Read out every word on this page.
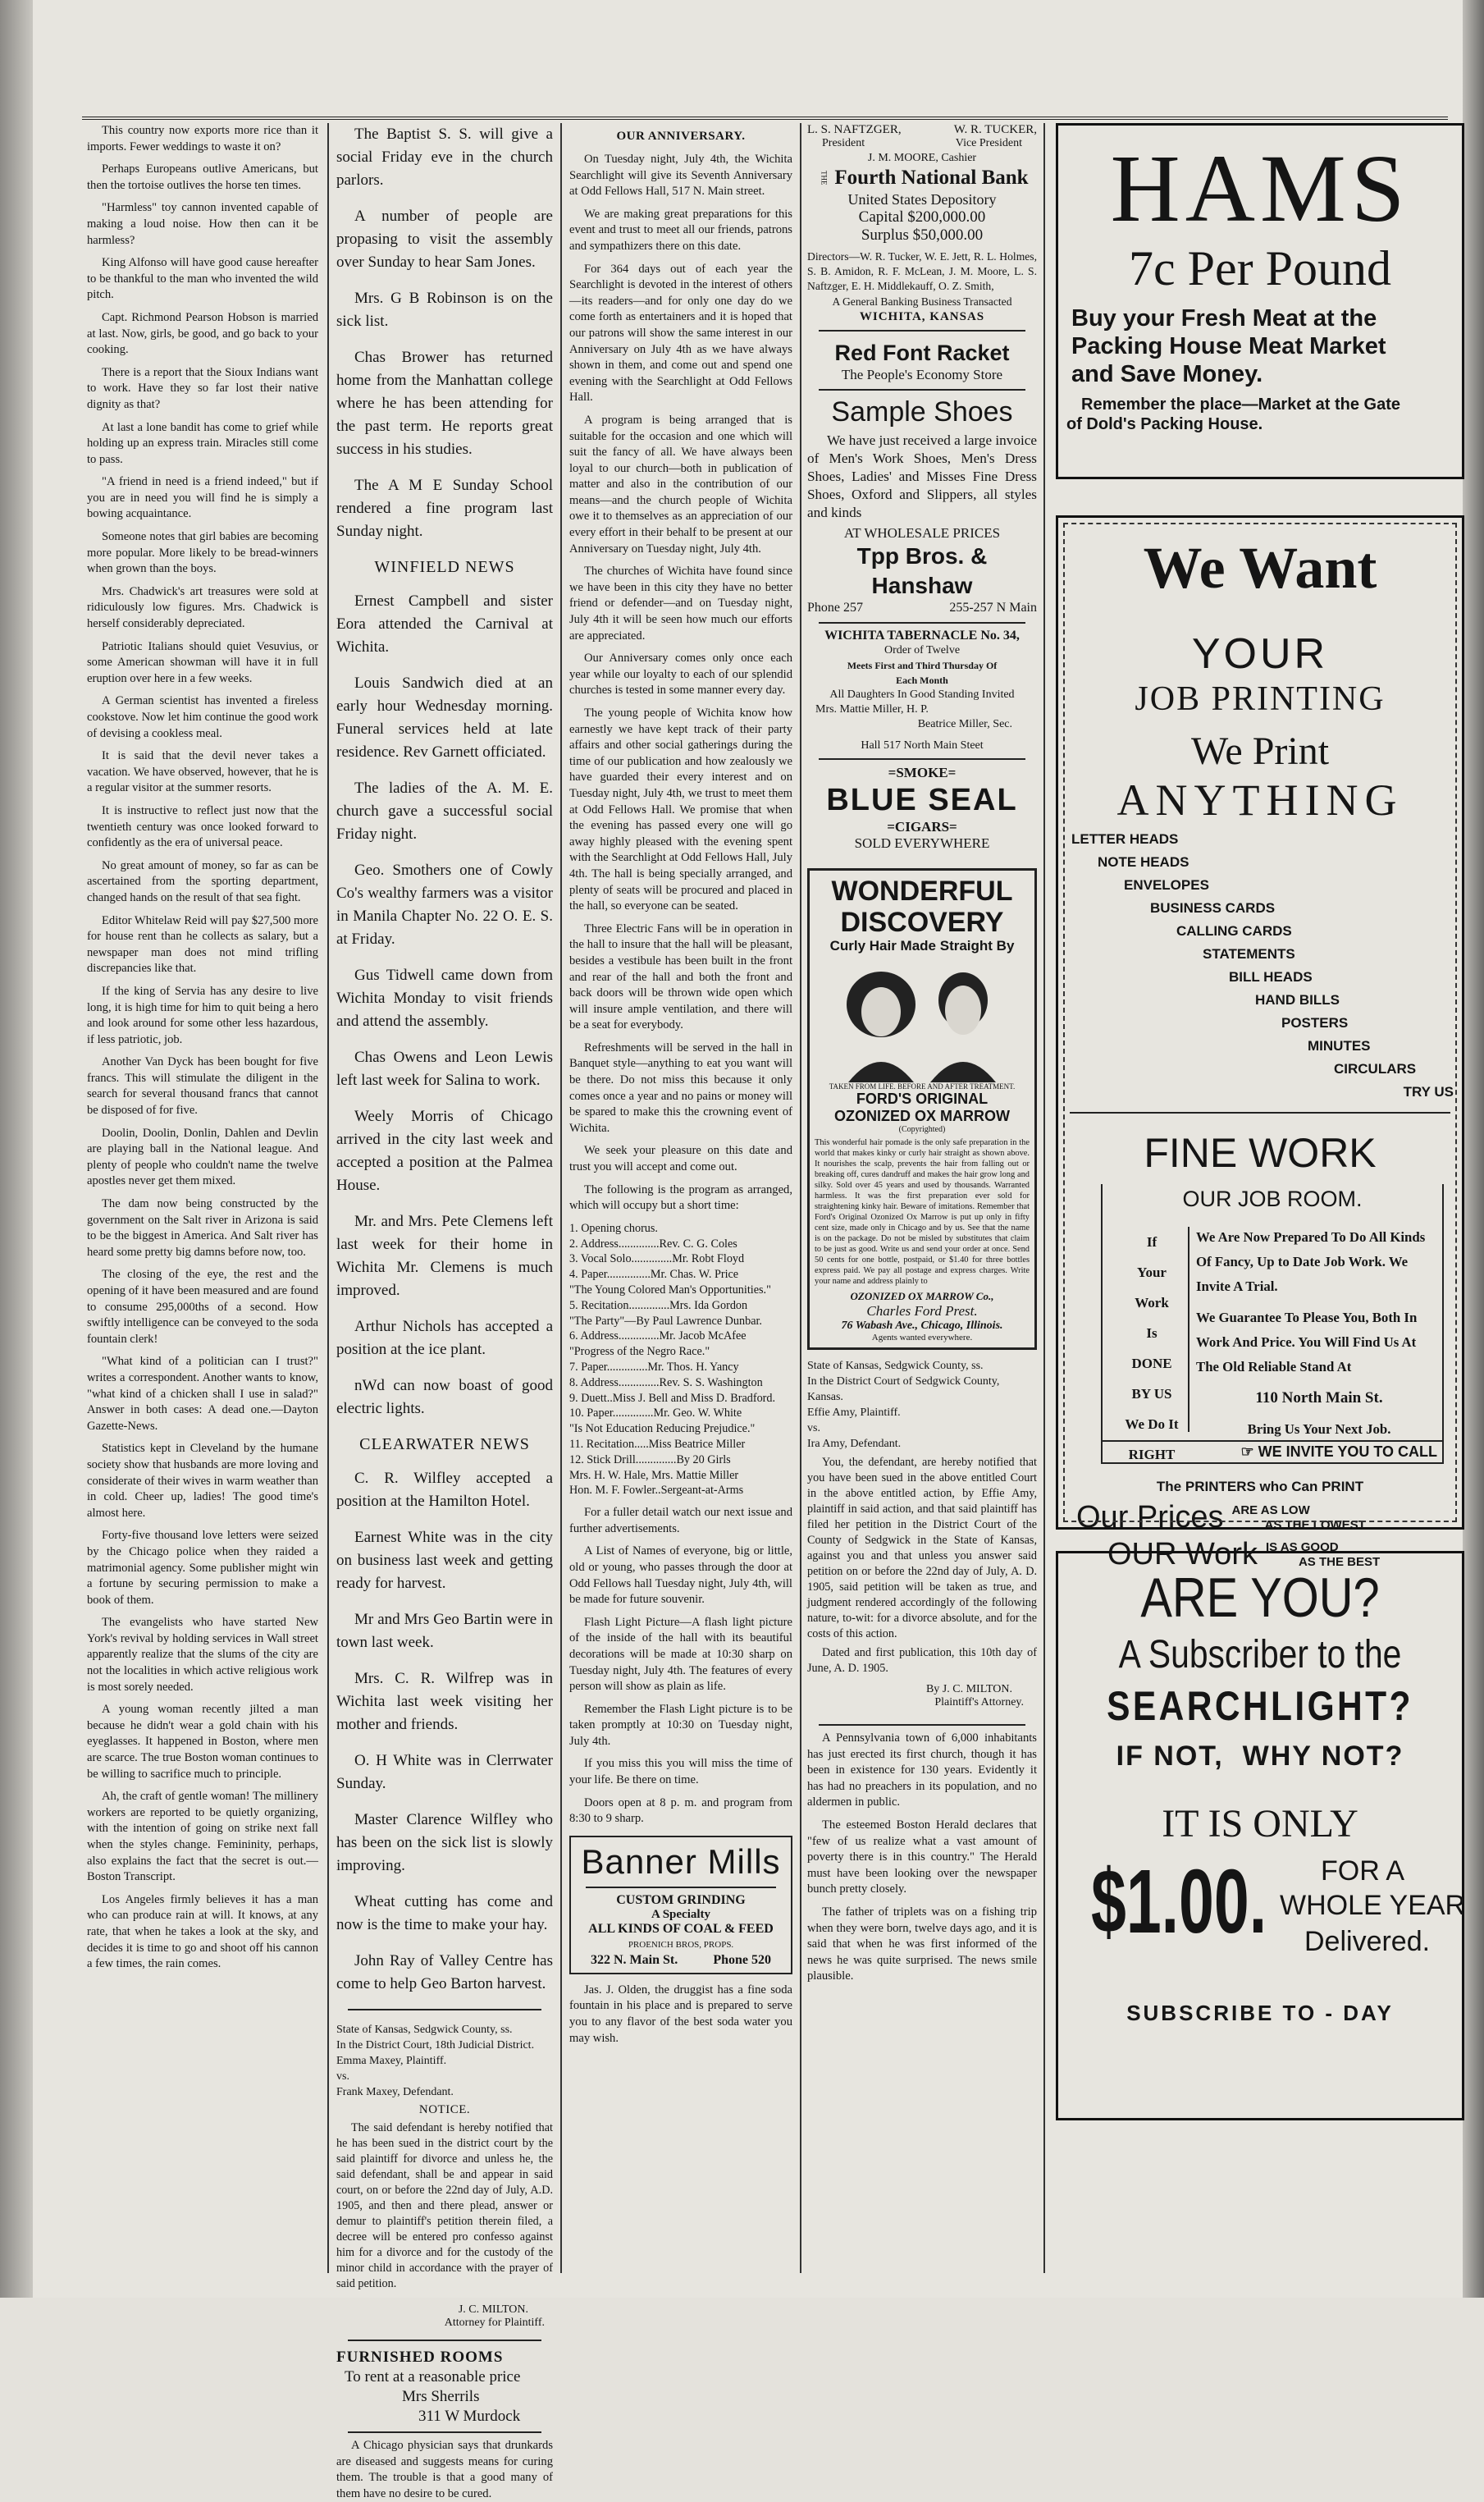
This country now exports more rice than it imports. Fewer weddings to waste it on?

Perhaps Europeans outlive Americans, but then the tortoise outlives the horse ten times.

"Harmless" toy cannon invented capable of making a loud noise. How then can it be harmless?

King Alfonso will have good cause hereafter to be thankful to the man who invented the wild pitch.

Capt. Richmond Pearson Hobson is married at last. Now, girls, be good, and go back to your cooking.

There is a report that the Sioux Indians want to work. Have they so far lost their native dignity as that?

At last a lone bandit has come to grief while holding up an express train. Miracles still come to pass.

"A friend in need is a friend indeed," but if you are in need you will find he is simply a bowing acquaintance.

Someone notes that girl babies are becoming more popular. More likely to be bread-winners when grown than the boys.

Mrs. Chadwick's art treasures were sold at ridiculously low figures. Mrs. Chadwick is herself considerably depreciated.

Patriotic Italians should quiet Vesuvius, or some American showman will have it in full eruption over here in a few weeks.

A German scientist has invented a fireless cookstove. Now let him continue the good work of devising a cookless meal.

It is said that the devil never takes a vacation. We have observed, however, that he is a regular visitor at the summer resorts.

It is instructive to reflect just now that the twentieth century was once looked forward to confidently as the era of universal peace.

No great amount of money, so far as can be ascertained from the sporting department, changed hands on the result of that sea fight.

Editor Whitelaw Reid will pay $27,500 more for house rent than he collects as salary, but a newspaper man does not mind trifling discrepancies like that.

If the king of Servia has any desire to live long, it is high time for him to quit being a hero and look around for some other less hazardous, if less patriotic, job.

Another Van Dyck has been bought for five francs. This will stimulate the diligent in the search for several thousand francs that cannot be disposed of for five.

Doolin, Doolin, Donlin, Dahlen and Devlin are playing ball in the National league. And plenty of people who couldn't name the twelve apostles never get them mixed.

The dam now being constructed by the government on the Salt river in Arizona is said to be the biggest in America. And Salt river has heard some pretty big damns before now, too.

The closing of the eye, the rest and the opening of it have been measured and are found to consume 295,000ths of a second. How swiftly intelligence can be conveyed to the soda fountain clerk!

"What kind of a politician can I trust?" writes a correspondent. Another wants to know, "what kind of a chicken shall I use in salad?" Answer in both cases: A dead one.—Dayton Gazette-News.

Statistics kept in Cleveland by the humane society show that husbands are more loving and considerate of their wives in warm weather than in cold. Cheer up, ladies! The good time's almost here.

Forty-five thousand love letters were seized by the Chicago police when they raided a matrimonial agency. Some publisher might win a fortune by securing permission to make a book of them.

The evangelists who have started New York's revival by holding services in Wall street apparently realize that the slums of the city are not the localities in which active religious work is most sorely needed.

A young woman recently jilted a man because he didn't wear a gold chain with his eyeglasses. It happened in Boston, where men are scarce. The true Boston woman continues to be willing to sacrifice much to principle.

Ah, the craft of gentle woman! The millinery workers are reported to be quietly organizing, with the intention of going on strike next fall when the styles change. Femininity, perhaps, also explains the fact that the secret is out.—Boston Transcript.

Los Angeles firmly believes it has a man who can produce rain at will. It knows, at any rate, that when he takes a look at the sky, and decides it is time to go and shoot off his cannon a few times, the rain comes.

The Baptist S. S. will give a social Friday eve in the church parlors.

A number of people are propasing to visit the assembly over Sunday to hear Sam Jones.

Mrs. G B Robinson is on the sick list.

Chas Brower has returned home from the Manhattan college where he has been attending for the past term. He reports great success in his studies.

The A M E Sunday School rendered a fine program last Sunday night.

WINFIELD NEWS

Ernest Campbell and sister Eora attended the Carnival at Wichita.

Louis Sandwich died at an early hour Wednesday morning. Funeral services held at late residence. Rev Garnett officiated.

The ladies of the A. M. E. church gave a successful social Friday night.

Geo. Smothers one of Cowly Co's wealthy farmers was a visitor in Manila Chapter No. 22 O. E. S. at Friday.

Gus Tidwell came down from Wichita Monday to visit friends and attend the assembly.

Chas Owens and Leon Lewis left last week for Salina to work.

Weely Morris of Chicago arrived in the city last week and accepted a position at the Palmea House.

Mr. and Mrs. Pete Clemens left last week for their home in Wichita Mr. Clemens is much improved.

Arthur Nichols has accepted a position at the ice plant.

nWd can now boast of good electric lights.

CLEARWATER NEWS

C. R. Wilfley accepted a position at the Hamilton Hotel.

Earnest White was in the city on business last week and getting ready for harvest.

Mr and Mrs Geo Bartin were in town last week.

Mrs. C. R. Wilfrep was in Wichita last week visiting her mother and friends.

O. H White was in Clerrwater Sunday.

Master Clarence Wilfley who has been on the sick list is slowly improving.

Wheat cutting has come and now is the time to make your hay.

John Ray of Valley Centre has come to help Geo Barton harvest.

State of Kansas, Sedgwick County, ss.
In the District Court, 18th Judicial District.
Emma Maxey, Plaintiff.
vs.
Frank Maxey, Defendant.
NOTICE.

The said defendant is hereby notified that he has been sued in the district court by the said plaintiff for divorce and unless he, the said defendant, shall be and appear in said court, on or before the 22nd day of July, A.D. 1905, and then and there plead, answer or demur to plaintiff's petition therein filed, a decree will be entered pro confesso against him for a divorce and for the custody of the minor child in accordance with the prayer of said petition.

J. C. MILTON.
Attorney for Plaintiff.
FURNISHED ROOMS
To rent at a reasonable price
Mrs Sherrils
311 W Murdock

A Chicago physician says that drunkards are diseased and suggests means for curing them. The trouble is that a good many of them have no desire to be cured.

OUR ANNIVERSARY.

On Tuesday night, July 4th, the Wichita Searchlight will give its Seventh Anniversary at Odd Fellows Hall, 517 N. Main street.

We are making great preparations for this event and trust to meet all our friends, patrons and sympathizers there on this date.

For 364 days out of each year the Searchlight is devoted in the interest of others—its readers—and for only one day do we come forth as entertainers and it is hoped that our patrons will show the same interest in our Anniversary on July 4th as we have always shown in them, and come out and spend one evening with the Searchlight at Odd Fellows Hall.

A program is being arranged that is suitable for the occasion and one which will suit the fancy of all. We have always been loyal to our church—both in publication of matter and also in the contribution of our means—and the church people of Wichita owe it to themselves as an appreciation of our every effort in their behalf to be present at our Anniversary on Tuesday night, July 4th.

The churches of Wichita have found since we have been in this city they have no better friend or defender—and on Tuesday night, July 4th it will be seen how much our efforts are appreciated.

Our Anniversary comes only once each year while our loyalty to each of our splendid churches is tested in some manner every day.

The young people of Wichita know how earnestly we have kept track of their party affairs and other social gatherings during the time of our publication and how zealously we have guarded their every interest and on Tuesday night, July 4th, we trust to meet them at Odd Fellows Hall. We promise that when the evening has passed every one will go away highly pleased with the evening spent with the Searchlight at Odd Fellows Hall, July 4th. The hall is being specially arranged, and plenty of seats will be procured and placed in the hall, so everyone can be seated.

Three Electric Fans will be in operation in the hall to insure that the hall will be pleasant, besides a vestibule has been built in the front and rear of the hall and both the front and back doors will be thrown wide open which will insure ample ventilation, and there will be a seat for everybody.

Refreshments will be served in the hall in Banquet style—anything to eat you want will be there. Do not miss this because it only comes once a year and no pains or money will be spared to make this the crowning event of Wichita.

We seek your pleasure on this date and trust you will accept and come out.

The following is the program as arranged, which will occupy but a short time:

1. Opening chorus.
2. Address..............Rev. C. G. Coles
3. Vocal Solo..............Mr. Robt Floyd
4. Paper...............Mr. Chas. W. Price
"The Young Colored Man's Opportunities."
5. Recitation..............Mrs. Ida Gordon
"The Party"—By Paul Lawrence Dunbar.
6. Address..............Mr. Jacob McAfee
"Progress of the Negro Race."
7. Paper..............Mr. Thos. H. Yancy
8. Address..............Rev. S. S. Washington
9. Duett..Miss J. Bell and Miss D. Bradford.
10. Paper..............Mr. Geo. W. White
"Is Not Education Reducing Prejudice."
11. Recitation.....Miss Beatrice Miller
12. Stick Drill..............By 20 Girls
Mrs. H. W. Hale, Mrs. Mattie Miller
Hon. M. F. Fowler..Sergeant-at-Arms

For a fuller detail watch our next issue and further advertisements.

A List of Names of everyone, big or little, old or young, who passes through the door at Odd Fellows hall Tuesday night, July 4th, will be made for future souvenir.

Flash Light Picture—A flash light picture of the inside of the hall with its beautiful decorations will be made at 10:30 sharp on Tuesday night, July 4th. The features of every person will show as plain as life.

Remember the Flash Light picture is to be taken promptly at 10:30 on Tuesday night, July 4th.

If you miss this you will miss the time of your life. Be there on time.

Doors open at 8 p. m. and program from 8:30 to 9 sharp.

Banner Mills
CUSTOM GRINDING
A Specialty
ALL KINDS OF COAL & FEED
PROENICH BROS, PROPS.
322 N. Main St.	Phone 520

Jas. J. Olden, the druggist has a fine soda fountain in his place and is prepared to serve you to any flavor of the best soda water you may wish.

L. S. NAFTZGER,	W. R. TUCKER,
President	Vice President
J. M. MOORE, Cashier
THE Fourth National Bank
United States Depository
Capital $200,000.00
Surplus $50,000.00

Directors—W. R. Tucker, W. E. Jett, R. L. Holmes, S. B. Amidon, R. F. McLean, J. M. Moore, L. S. Naftzger, E. H. Middlekauff, O. Z. Smith,

A General Banking Business Transacted
WICHITA, KANSAS
Red Font Racket
The People's Economy Store
Sample Shoes

We have just received a large invoice of Men's Work Shoes, Men's Dress Shoes, Ladies' and Misses Fine Dress Shoes, Oxford and Slippers, all styles and kinds

AT WHOLESALE PRICES
Tpp Bros. & Hanshaw
Phone 257	255-257 N Main
WICHITA TABERNACLE No. 34,
Order of Twelve
Meets First and Third Thursday Of Each Month
All Daughters In Good Standing Invited
Mrs. Mattie Miller, H. P.
Beatrice Miller, Sec.
Hall 517 North Main Steet
=SMOKE=
BLUE SEAL
=CIGARS=
SOLD EVERYWHERE
WONDERFUL
DISCOVERY
Curly Hair Made Straight By
TAKEN FROM LIFE. BEFORE AND AFTER TREATMENT.
FORD'S ORIGINAL
OZONIZED OX MARROW
(Copyrighted)

This wonderful hair pomade is the only safe preparation in the world that makes kinky or curly hair straight as shown above. It nourishes the scalp, prevents the hair from falling out or breaking off, cures dandruff and makes the hair grow long and silky. Sold over 45 years and used by thousands. Warranted harmless. It was the first preparation ever sold for straightening kinky hair. Beware of imitations. Remember that Ford's Original Ozonized Ox Marrow is put up only in fifty cent size, made only in Chicago and by us. See that the name is on the package. Do not be misled by substitutes that claim to be just as good. Write us and send your order at once. Send 50 cents for one bottle, postpaid, or $1.40 for three bottles express paid. We pay all postage and express charges. Write your name and address plainly to

OZONIZED OX MARROW Co.,
Charles Ford Prest.
76 Wabash Ave., Chicago, Illinois.
Agents wanted everywhere.
State of Kansas, Sedgwick County, ss.
In the District Court of Sedgwick County, Kansas.
Effie Amy, Plaintiff.
vs.
Ira Amy, Defendant.

You, the defendant, are hereby notified that you have been sued in the above entitled Court in the above entitled action, by Effie Amy, plaintiff in said action, and that said plaintiff has filed her petition in the District Court of the County of Sedgwick in the State of Kansas, against you and that unless you answer said petition on or before the 22nd day of July, A. D. 1905, said petition will be taken as true, and judgment rendered accordingly of the following nature, to-wit: for a divorce absolute, and for the costs of this action.

Dated and first publication, this 10th day of June, A. D. 1905.

By J. C. MILTON.
Plaintiff's Attorney.

A Pennsylvania town of 6,000 inhabitants has just erected its first church, though it has been in existence for 130 years. Evidently it has had no preachers in its population, and no aldermen in public.

The esteemed Boston Herald declares that "few of us realize what a vast amount of poverty there is in this country." The Herald must have been looking over the newspaper bunch pretty closely.

The father of triplets was on a fishing trip when they were born, twelve days ago, and it is said that when he was first informed of the news he was quite surprised. The news smile plausible.

HAMS
7c Per Pound
Buy your Fresh Meat at the
Packing House Meat Market
and Save Money.
Remember the place—Market at the Gate
of Dold's Packing House.
We Want
YOUR
JOB PRINTING
We Print
ANYTHING
LETTER HEADS
NOTE HEADS
ENVELOPES
BUSINESS CARDS
CALLING CARDS
STATEMENTS
BILL HEADS
HAND BILLS
POSTERS
MINUTES
CIRCULARS
TRY US
FINE WORK
OUR JOB ROOM.
If
Your
Work
Is
DONE
BY US
We Do It
RIGHT
We Are Now Prepared To Do All Kinds Of Fancy, Up to Date Job Work. We Invite A Trial.
We Guarantee To Please You, Both In Work And Price. You Will Find Us At The Old Reliable Stand At
110 North Main St.
Bring Us Your Next Job.
☞ WE INVITE YOU TO CALL
The PRINTERS who Can PRINT
Our Prices ARE AS LOW
AS THE LOWEST
OUR Work IS AS GOOD
AS THE BEST
ARE YOU?
A Subscriber to the
SEARCHLIGHT?
IF NOT,  WHY NOT?
IT IS ONLY
$1.00. FOR A
WHOLE YEAR
Delivered.
SUBSCRIBE TO - DAY
